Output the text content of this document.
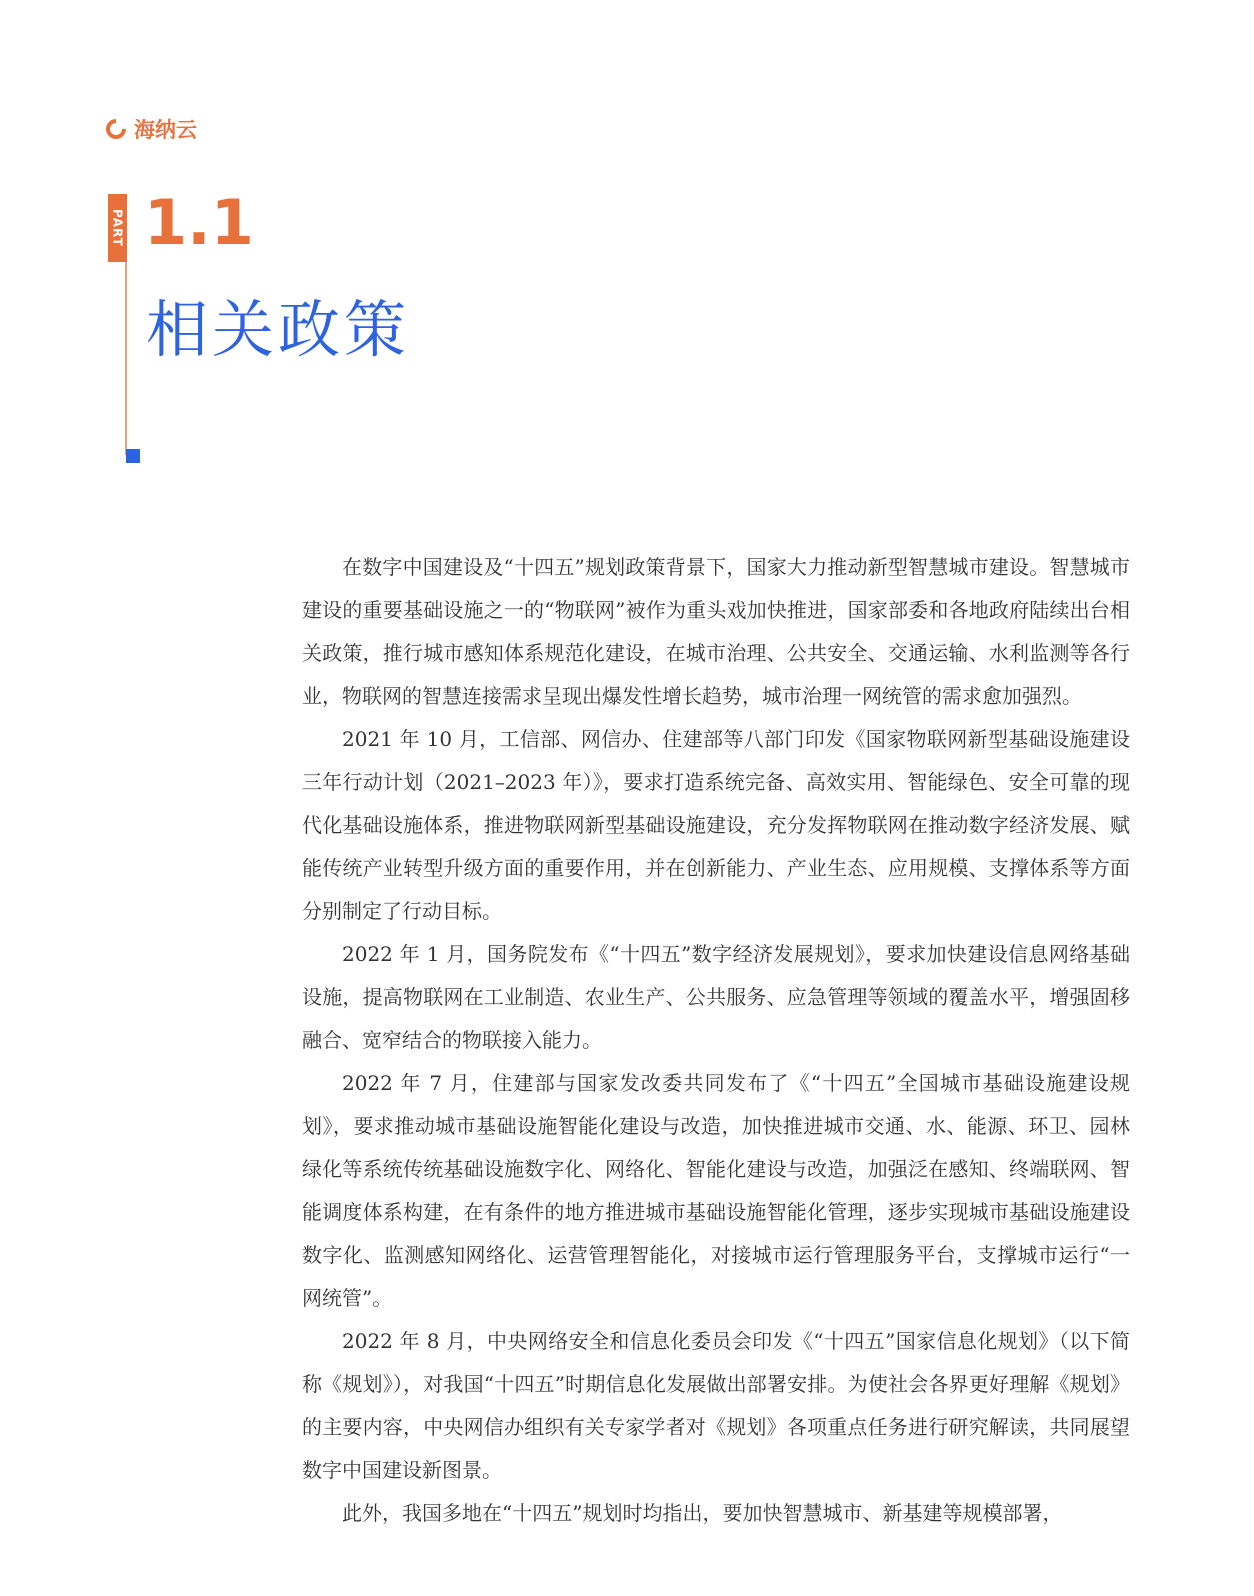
海纳云
PART 1.1
相关政策

在数字中国建设及“十四五”规划政策背景下，国家大力推动新型智慧城市建设。智慧城市建设的重要基础设施之一的“物联网”被作为重头戏加快推进，国家部委和各地政府陆续出台相关政策，推行城市感知体系规范化建设，在城市治理、公共安全、交通运输、水利监测等各行业，物联网的智慧连接需求呈现出爆发性增长趋势，城市治理一网统管的需求愈加强烈。

2021 年 10 月，工信部、网信办、住建部等八部门印发《国家物联网新型基础设施建设三年行动计划（2021–2023 年）》，要求打造系统完备、高效实用、智能绿色、安全可靠的现代化基础设施体系，推进物联网新型基础设施建设，充分发挥物联网在推动数字经济发展、赋能传统产业转型升级方面的重要作用，并在创新能力、产业生态、应用规模、支撑体系等方面分别制定了行动目标。

2022 年 1 月，国务院发布《“十四五”数字经济发展规划》，要求加快建设信息网络基础设施，提高物联网在工业制造、农业生产、公共服务、应急管理等领域的覆盖水平，增强固移融合、宽窄结合的物联接入能力。

2022 年 7 月，住建部与国家发改委共同发布了《“十四五”全国城市基础设施建设规划》，要求推动城市基础设施智能化建设与改造，加快推进城市交通、水、能源、环卫、园林绿化等系统传统基础设施数字化、网络化、智能化建设与改造，加强泛在感知、终端联网、智能调度体系构建，在有条件的地方推进城市基础设施智能化管理，逐步实现城市基础设施建设数字化、监测感知网络化、运营管理智能化，对接城市运行管理服务平台，支撑城市运行“一网统管”。

2022 年 8 月，中央网络安全和信息化委员会印发《“十四五”国家信息化规划》（以下简称《规划》），对我国“十四五”时期信息化发展做出部署安排。为使社会各界更好理解《规划》的主要内容，中央网信办组织有关专家学者对《规划》各项重点任务进行研究解读，共同展望数字中国建设新图景。

此外，我国多地在“十四五”规划时均指出，要加快智慧城市、新基建等规模部署，
